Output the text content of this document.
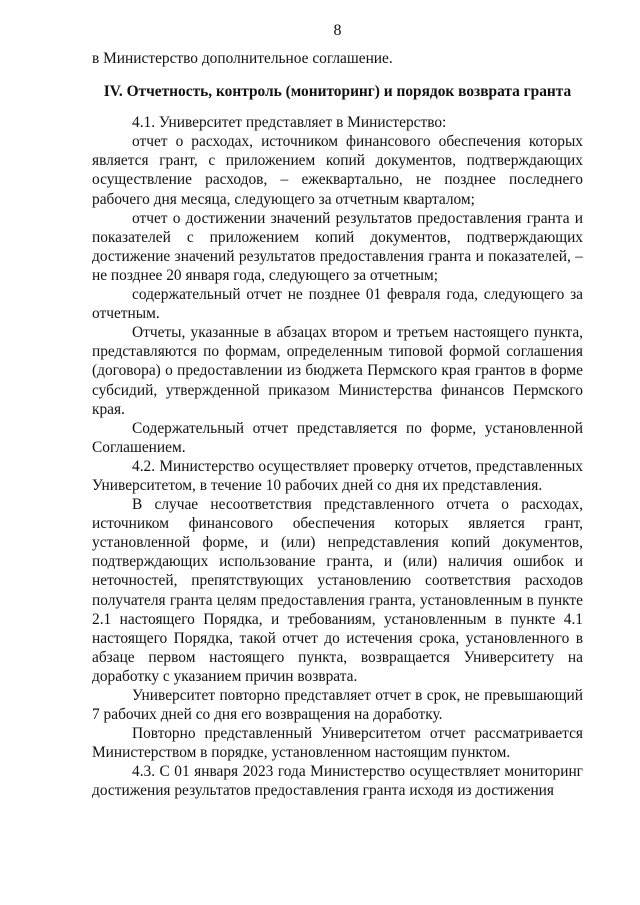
8

в Министерство дополнительное соглашение.

IV. Отчетность, контроль (мониторинг) и порядок возврата гранта

4.1. Университет представляет в Министерство:

отчет о расходах, источником финансового обеспечения которых является грант, с приложением копий документов, подтверждающих осуществление расходов, – ежеквартально, не позднее последнего рабочего дня месяца, следующего за отчетным кварталом;

отчет о достижении значений результатов предоставления гранта и показателей с приложением копий документов, подтверждающих достижение значений результатов предоставления гранта и показателей, – не позднее 20 января года, следующего за отчетным;

содержательный отчет не позднее 01 февраля года, следующего за отчетным.

Отчеты, указанные в абзацах втором и третьем настоящего пункта, представляются по формам, определенным типовой формой соглашения (договора) о предоставлении из бюджета Пермского края грантов в форме субсидий, утвержденной приказом Министерства финансов Пермского края.

Содержательный отчет представляется по форме, установленной Соглашением.

4.2. Министерство осуществляет проверку отчетов, представленных Университетом, в течение 10 рабочих дней со дня их представления.

В случае несоответствия представленного отчета о расходах, источником финансового обеспечения которых является грант, установленной форме, и (или) непредставления копий документов, подтверждающих использование гранта, и (или) наличия ошибок и неточностей, препятствующих установлению соответствия расходов получателя гранта целям предоставления гранта, установленным в пункте 2.1 настоящего Порядка, и требованиям, установленным в пункте 4.1 настоящего Порядка, такой отчет до истечения срока, установленного в абзаце первом настоящего пункта, возвращается Университету на доработку с указанием причин возврата.

Университет повторно представляет отчет в срок, не превышающий 7 рабочих дней со дня его возвращения на доработку.

Повторно представленный Университетом отчет рассматривается Министерством в порядке, установленном настоящим пунктом.

4.3. С 01 января 2023 года Министерство осуществляет мониторинг достижения результатов предоставления гранта исходя из достижения
